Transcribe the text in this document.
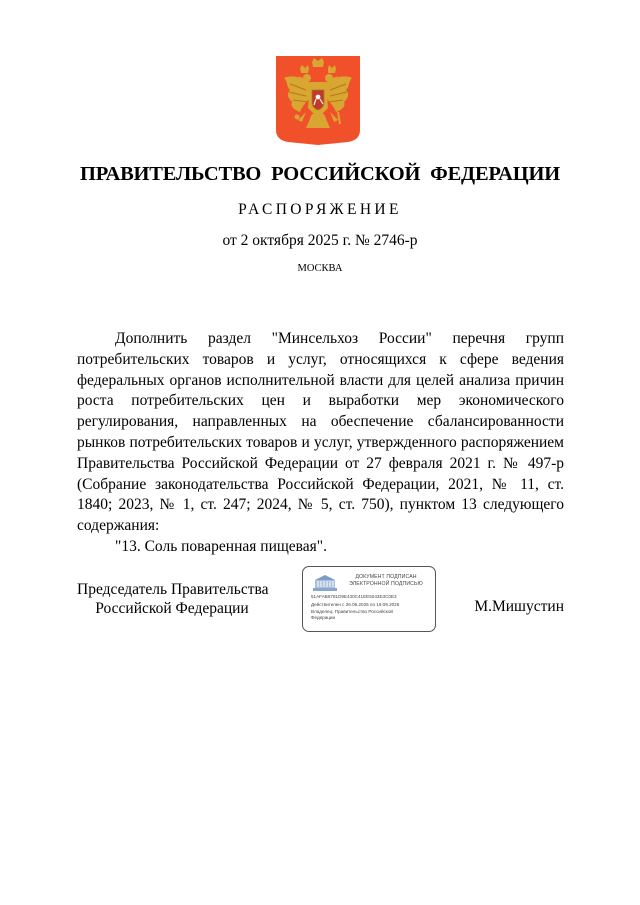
ПРАВИТЕЛЬСТВО РОССИЙСКОЙ ФЕДЕРАЦИИ
РАСПОРЯЖЕНИЕ
от 2 октября 2025 г. № 2746-р
МОСКВА

Дополнить раздел "Минсельхоз России" перечня групп потребительских товаров и услуг, относящихся к сфере ведения федеральных органов исполнительной власти для целей анализа причин роста потребительских цен и выработки мер экономического регулирования, направленных на обеспечение сбалансированности рынков потребительских товаров и услуг, утвержденного распоряжением Правительства Российской Федерации от 27 февраля 2021 г. № 497-р (Собрание законодательства Российской Федерации, 2021, № 11, ст. 1840; 2023, № 1, ст. 247; 2024, № 5, ст. 750), пунктом 13 следующего содержания:

"13. Соль поваренная пищевая".

Председатель Правительства
Российской Федерации
ДОКУМЕНТ ПОДПИСАН
ЭЛЕКТРОННОЙ ПОДПИСЬЮ
51AFAB6781D9E420C41EE5043E3C0E3
Действителен с 26.06.2025 по 19.09.2026
Владелец: Правительство Российской
Федерации
М.Мишустин
